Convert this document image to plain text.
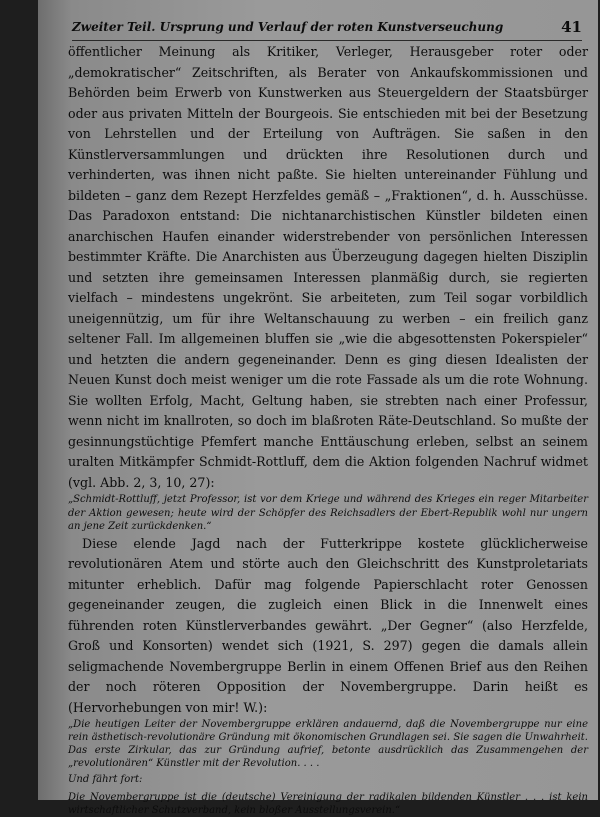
Zweiter Teil. Ursprung und Verlauf der roten Kunstverseuchung	41

öffentlicher Meinung als Kritiker, Verleger, Herausgeber roter oder „demokratischer“ Zeitschriften, als Berater von Ankaufskommissionen und Behörden beim Erwerb von Kunstwerken aus Steuergeldern der Staatsbürger oder aus privaten Mitteln der Bourgeois. Sie entschieden mit bei der Besetzung von Lehrstellen und der Erteilung von Aufträgen. Sie saßen in den Künstlerversammlungen und drückten ihre Resolutionen durch und verhinderten, was ihnen nicht paßte. Sie hielten untereinander Fühlung und bildeten – ganz dem Rezept Herzfeldes gemäß – „Fraktionen“, d. h. Ausschüsse. Das Paradoxon entstand: Die nichtanarchistischen Künstler bildeten einen anarchischen Haufen einander widerstrebender von persönlichen Interessen bestimmter Kräfte. Die Anarchisten aus Überzeugung dagegen hielten Disziplin und setzten ihre gemeinsamen Interessen planmäßig durch, sie regierten vielfach – mindestens ungekrönt. Sie arbeiteten, zum Teil sogar vorbildlich uneigennützig, um für ihre Weltanschauung zu werben – ein freilich ganz seltener Fall. Im allgemeinen bluffen sie „wie die abgesottensten Pokerspieler“ und hetzten die andern gegeneinander. Denn es ging diesen Idealisten der Neuen Kunst doch meist weniger um die rote Fassade als um die rote Wohnung. Sie wollten Erfolg, Macht, Geltung haben, sie strebten nach einer Professur, wenn nicht im knallroten, so doch im blaßroten Räte-Deutschland. So mußte der gesinnungstüchtige Pfemfert manche Enttäuschung erleben, selbst an seinem uralten Mitkämpfer Schmidt-Rottluff, dem die Aktion folgenden Nachruf widmet (vgl. Abb. 2, 3, 10, 27):

„Schmidt-Rottluff, jetzt Professor, ist vor dem Kriege und während des Krieges ein reger Mitarbeiter der Aktion gewesen; heute wird der Schöpfer des Reichsadlers der Ebert-Republik wohl nur ungern an jene Zeit zurückdenken.“

Diese elende Jagd nach der Futterkrippe kostete glücklicherweise revolutionären Atem und störte auch den Gleichschritt des Kunstproletariats mitunter erheblich. Dafür mag folgende Papierschlacht roter Genossen gegeneinander zeugen, die zugleich einen Blick in die Innenwelt eines führenden roten Künstlerverbandes gewährt. „Der Gegner“ (also Herzfelde, Groß und Konsorten) wendet sich (1921, S. 297) gegen die damals allein seligmachende Novembergruppe Berlin in einem Offenen Brief aus den Reihen der noch röteren Opposition der Novembergruppe. Darin heißt es (Hervorhebungen von mir! W.):

„Die heutigen Leiter der Novembergruppe erklären andauernd, daß die Novembergruppe nur eine rein ästhetisch-revolutionäre Gründung mit ökonomischen Grundlagen sei. Sie sagen die Unwahrheit. Das erste Zirkular, das zur Gründung aufrief, betonte ausdrücklich das Zusammengehen der „revolutionären“ Künstler mit der Revolution. . . .

Und fährt fort:

Die Novembergruppe ist die (deutsche) Vereinigung der radikalen bildenden Künstler . . . ist kein wirtschaftlicher Schutzverband, kein bloßer Ausstellungsverein.“
